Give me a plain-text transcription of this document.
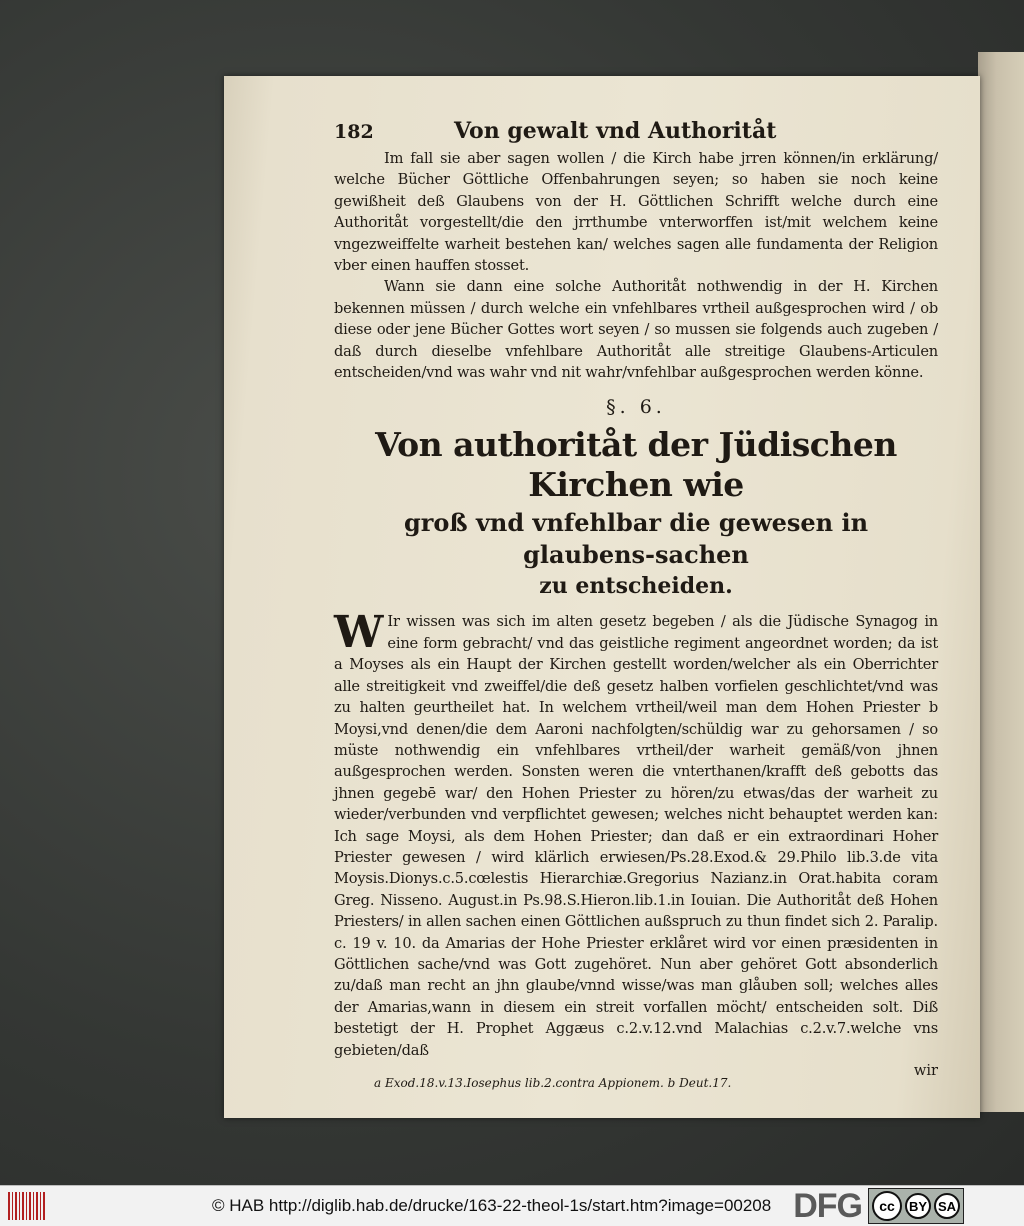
182	Von gewalt vnd Authoritåt

Im fall sie aber sagen wollen / die Kirch habe jrren können/in erklärung/ welche Bücher Göttliche Offenbahrungen seyen; so haben sie noch keine gewißheit deß Glaubens von der H. Göttlichen Schrifft welche durch eine Authoritåt vorgestellt/die den jrrthumbe vnterworffen ist/mit welchem keine vngezweiffelte warheit bestehen kan/ welches sagen alle fundamenta der Religion vber einen hauffen stosset.

Wann sie dann eine solche Authoritåt nothwendig in der H. Kirchen bekennen müssen / durch welche ein vnfehlbares vrtheil außgesprochen wird / ob diese oder jene Bücher Gottes wort seyen / so mussen sie folgends auch zugeben / daß durch dieselbe vnfehlbare Authoritåt alle streitige Glaubens-Articulen entscheiden/vnd was wahr vnd nit wahr/vnfehlbar außgesprochen werden könne.

§. 6.
Von authoritåt der Jüdischen Kirchen wie
groß vnd vnfehlbar die gewesen in glaubens-sachen
zu entscheiden.
W Ir wissen was sich im alten gesetz begeben / als die Jüdische Synagog in eine form gebracht/ vnd das geistliche regiment angeordnet worden; da ist a Moyses als ein Haupt der Kirchen gestellt worden/welcher als ein Oberrichter alle streitigkeit vnd zweiffel/die deß gesetz halben vorfielen geschlichtet/vnd was zu halten geurtheilet hat. In welchem vrtheil/weil man dem Hohen Priester b Moysi,vnd denen/die dem Aaroni nachfolgten/schüldig war zu gehorsamen / so müste nothwendig ein vnfehlbares vrtheil/der warheit gemäß/von jhnen außgesprochen werden. Sonsten weren die vnterthanen/krafft deß gebotts das jhnen gegebē war/ den Hohen Priester zu hören/zu etwas/das der warheit zu wieder/verbunden vnd verpflichtet gewesen; welches nicht behauptet werden kan: Ich sage Moysi, als dem Hohen Priester; dan daß er ein extraordinari Hoher Priester gewesen / wird klärlich erwiesen/Ps.28.Exod.& 29.Philo lib.3.de vita Moysis.Dionys.c.5.cœlestis Hierarchiæ.Gregorius Nazianz.in Orat.habita coram Greg. Nisseno. August.in Ps.98.S.Hieron.lib.1.in Iouian. Die Authoritåt deß Hohen Priesters/ in allen sachen einen Göttlichen außspruch zu thun findet sich 2. Paralip. c. 19 v. 10. da Amarias der Hohe Priester erklåret wird vor einen præsidenten in Göttlichen sache/vnd was Gott zugehöret. Nun aber gehöret Gott absonderlich zu/daß man recht an jhn glaube/vnnd wisse/was man glåuben soll; welches alles der Amarias,wann in diesem ein streit vorfallen möcht/ entscheiden solt. Diß bestetigt der H. Prophet Aggæus c.2.v.12.vnd Malachias c.2.v.7.welche vns gebieten/daß

wir
a Exod.18.v.13.Iosephus lib.2.contra Appionem. b Deut.17.
© HAB http://diglib.hab.de/drucke/163-22-theol-1s/start.htm?image=00208 DFG	cc	BY SA
